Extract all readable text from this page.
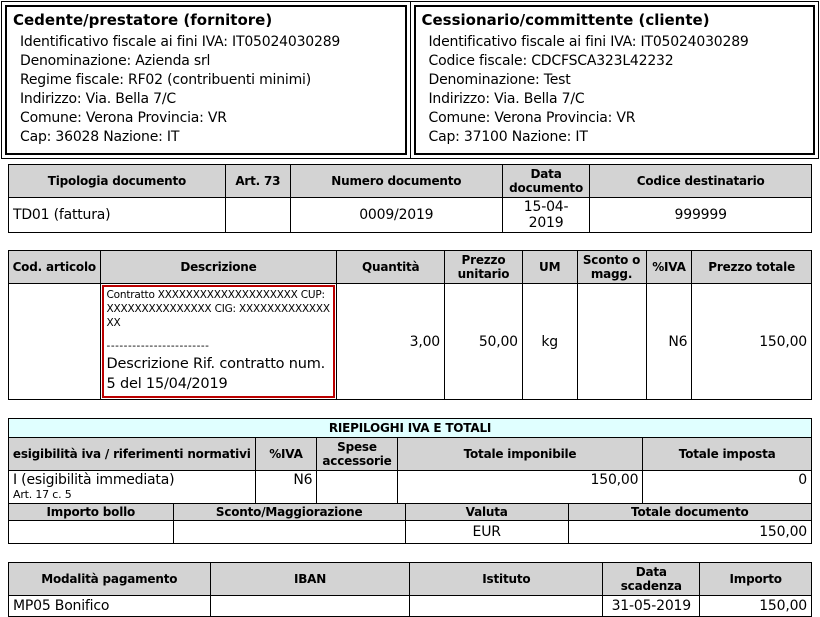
Cedente/prestatore (fornitore)
Identificativo fiscale ai fini IVA: IT05024030289
Denominazione: Azienda srl
Regime fiscale: RF02 (contribuenti minimi)
Indirizzo: Via. Bella 7/C
Comune: Verona Provincia: VR
Cap: 36028 Nazione: IT

Cessionario/committente (cliente)
Identificativo fiscale ai fini IVA: IT05024030289
Codice fiscale: CDCFSCA323L42232
Denominazione: Test
Indirizzo: Via. Bella 7/C
Comune: Verona Provincia: VR
Cap: 37100 Nazione: IT
Tipologia documento	Art. 73	Numero documento	Data documento	Codice destinatario
TD01 (fattura)		0009/2019	15-04-2019	999999
Cod. articolo	Descrizione	Quantità	Prezzo unitario	UM	Sconto o magg.	%IVA	Prezzo totale

	Contratto XXXXXXXXXXXXXXXXXXXX CUP: XXXXXXXXXXXXXXX CIG: XXXXXXXXXXXXXXX
------------------------
Descrizione Rif. contratto num. 5 del 15/04/2019	3,00	50,00	kg		N6	150,00
RIEPILOGHI IVA E TOTALI				
esigibilità iva / riferimenti normativi	%IVA	Spese accessorie	Totale imponibile	Totale imposta

I (esigibilità immediata)
Art. 17 c. 5	N6		150,00	0
Importo bollo	Sconto/Maggiorazione	Valuta	Totale documento
		EUR	150,00
Modalità pagamento	IBAN	Istituto	Data scadenza	Importo
MP05 Bonifico			31-05-2019	150,00
